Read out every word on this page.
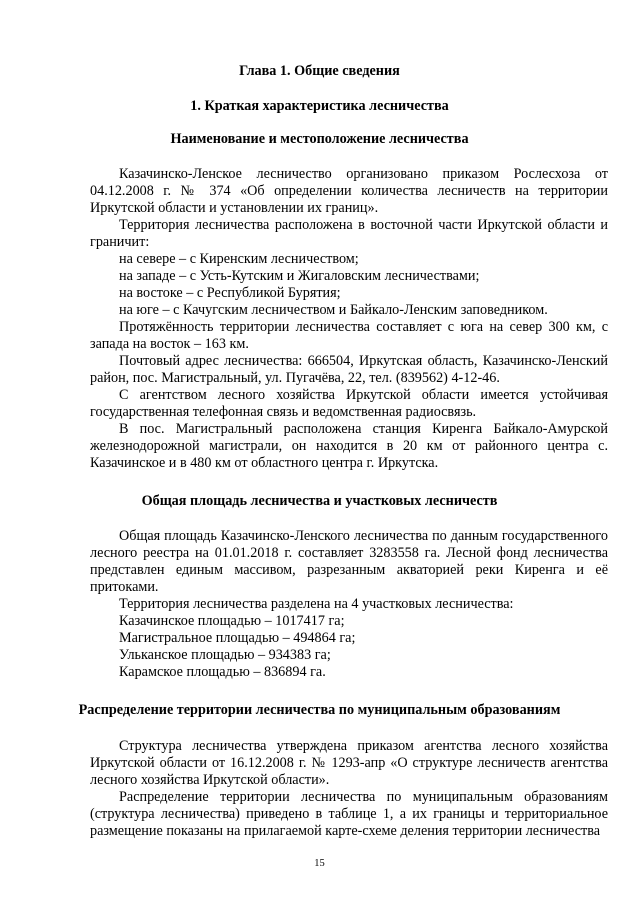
Глава 1. Общие сведения
1. Краткая характеристика лесничества
Наименование и местоположение лесничества

Казачинско-Ленское лесничество организовано приказом Рослесхоза от 04.12.2008 г. № 374 «Об определении количества лесничеств на территории Иркутской области и установлении их границ».

Территория лесничества расположена в восточной части Иркутской области и граничит:

на севере – с Киренским лесничеством;

на западе – с Усть-Кутским и Жигаловским лесничествами;

на востоке – с Республикой Бурятия;

на юге – с Качугским лесничеством и Байкало-Ленским заповедником.

Протяжённость территории лесничества составляет с юга на север 300 км, с запада на восток – 163 км.

Почтовый адрес лесничества: 666504, Иркутская область, Казачинско-Ленский район, пос. Магистральный, ул. Пугачёва, 22, тел. (839562) 4-12-46.

С агентством лесного хозяйства Иркутской области имеется устойчивая государственная телефонная связь и ведомственная радиосвязь.

В пос. Магистральный расположена станция Киренга Байкало-Амурской железнодорожной магистрали, он находится в 20 км от районного центра с. Казачинское и в 480 км от областного центра г. Иркутска.

Общая площадь лесничества и участковых лесничеств

Общая площадь Казачинско-Ленского лесничества по данным государственного лесного реестра на 01.01.2018 г. составляет 3283558 га. Лесной фонд лесничества представлен единым массивом, разрезанным акваторией реки Киренга и её притоками.

Территория лесничества разделена на 4 участковых лесничества:

Казачинское площадью – 1017417 га;

Магистральное площадью – 494864 га;

Ульканское площадью – 934383 га;

Карамское площадью – 836894 га.

Распределение территории лесничества по муниципальным образованиям

Структура лесничества утверждена приказом агентства лесного хозяйства Иркутской области от 16.12.2008 г. № 1293-апр «О структуре лесничеств агентства лесного хозяйства Иркутской области».

Распределение территории лесничества по муниципальным образованиям (структура лесничества) приведено в таблице 1, а их границы и территориальное размещение показаны на прилагаемой карте-схеме деления территории лесничества

15
